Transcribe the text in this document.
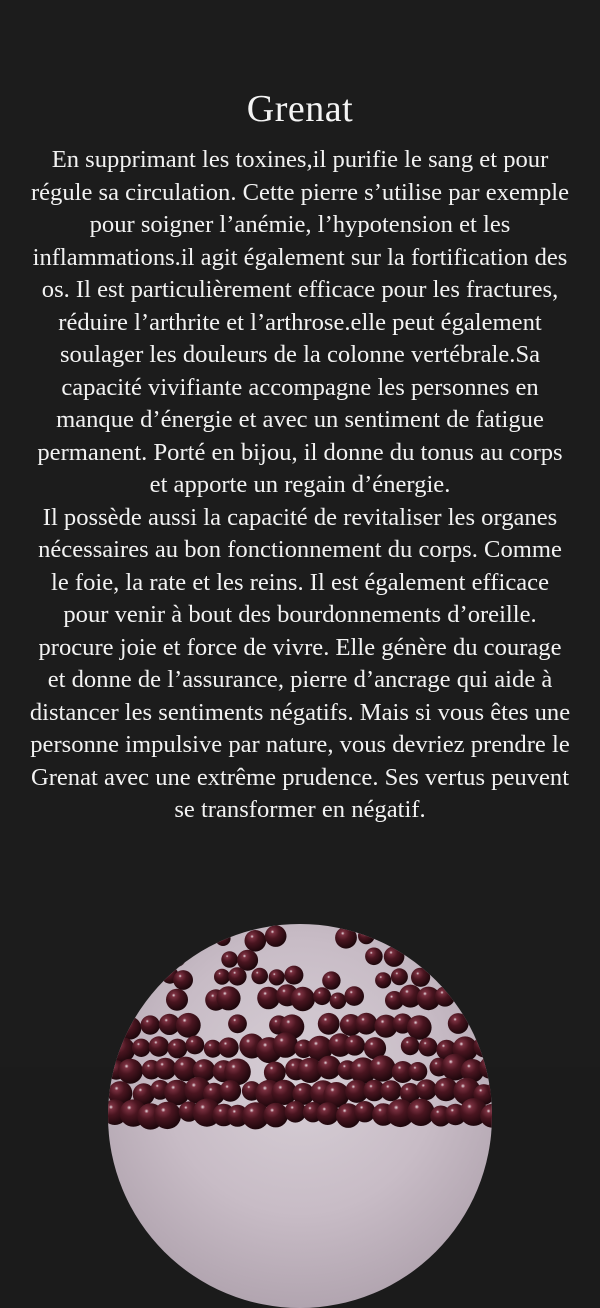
Grenat

En supprimant les toxines,il purifie le sang et pour régule sa circulation. Cette pierre s’utilise par exemple pour soigner l’anémie, l’hypotension et les inflammations.il agit également sur la fortification des os. Il est particulièrement efficace pour les fractures, réduire l’arthrite et l’arthrose.elle peut également soulager les douleurs de la colonne vertébrale.Sa capacité vivifiante accompagne les personnes en manque d’énergie et avec un sentiment de fatigue permanent. Porté en bijou, il donne du tonus au corps et apporte un regain d’énergie.

Il possède aussi la capacité de revitaliser les organes nécessaires au bon fonctionnement du corps. Comme le foie, la rate et les reins. Il est également efficace pour venir à bout des bourdonnements d’oreille. procure joie et force de vivre. Elle génère du courage et donne de l’assurance, pierre d’ancrage qui aide à distancer les sentiments négatifs. Mais si vous êtes une personne impulsive par nature, vous devriez prendre le Grenat avec une extrême prudence. Ses vertus peuvent se transformer en négatif.
